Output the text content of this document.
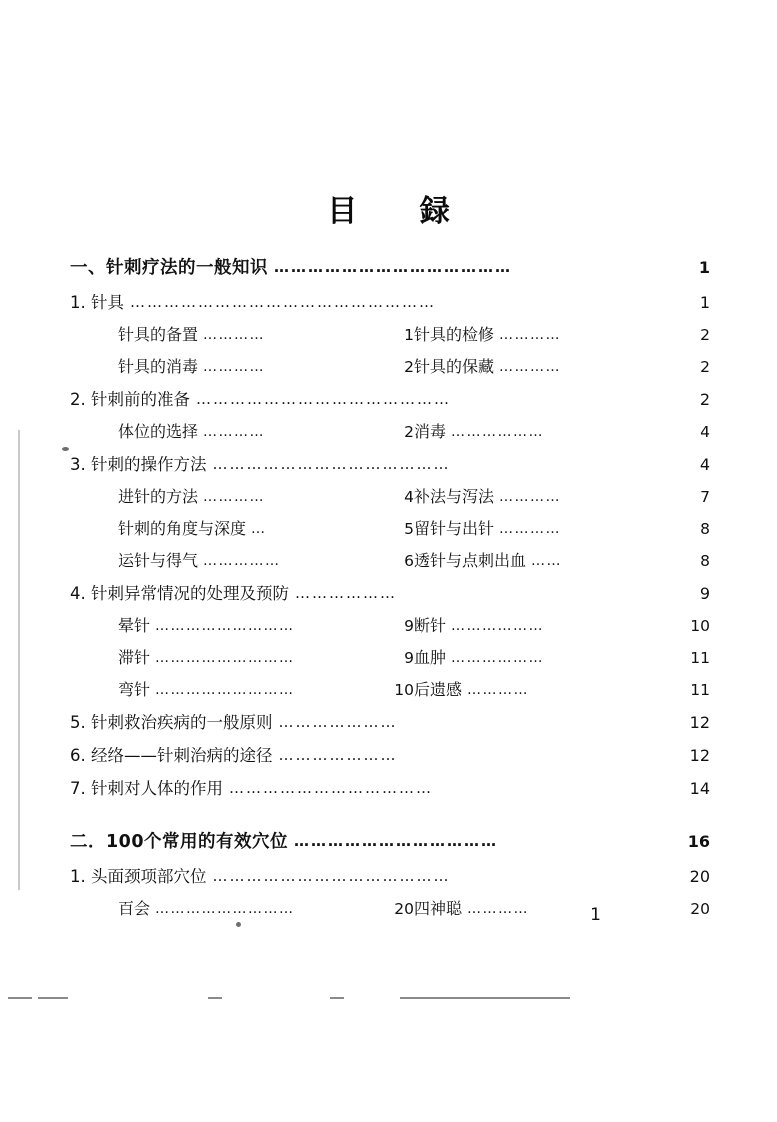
目 録
一、针刺疗法的一般知识 ……………………………………	1
1. 针具 ………………………………………………	1
针具的备置 …………	1 针具的检修 …………	2
针具的消毒 …………	2 针具的保藏 …………	2
2. 针刺前的准备 ………………………………………	2
体位的选择 …………	2 消毒 ………………	4
3. 针刺的操作方法 ……………………………………	4
进针的方法 …………	4 补法与泻法 …………	7
针刺的角度与深度 …	5 留针与出针 …………	8
运针与得气 ……………	6 透针与点刺出血 ……	8
4. 针刺异常情况的处理及预防 ………………	9
晕针 ………………………	9 断针 ………………	10
滞针 ………………………	9 血肿 ………………	11
弯针 ………………………	10 后遗感 …………	11
5. 针刺救治疾病的一般原则 …………………	12
6. 经络——针刺治病的途径 …………………	12
7. 针刺对人体的作用 ………………………………	14
二．100个常用的有效穴位 ………………………………	16
1. 头面颈项部穴位 ……………………………………	20
百会 ………………………	20 四神聪 …………	20
1
